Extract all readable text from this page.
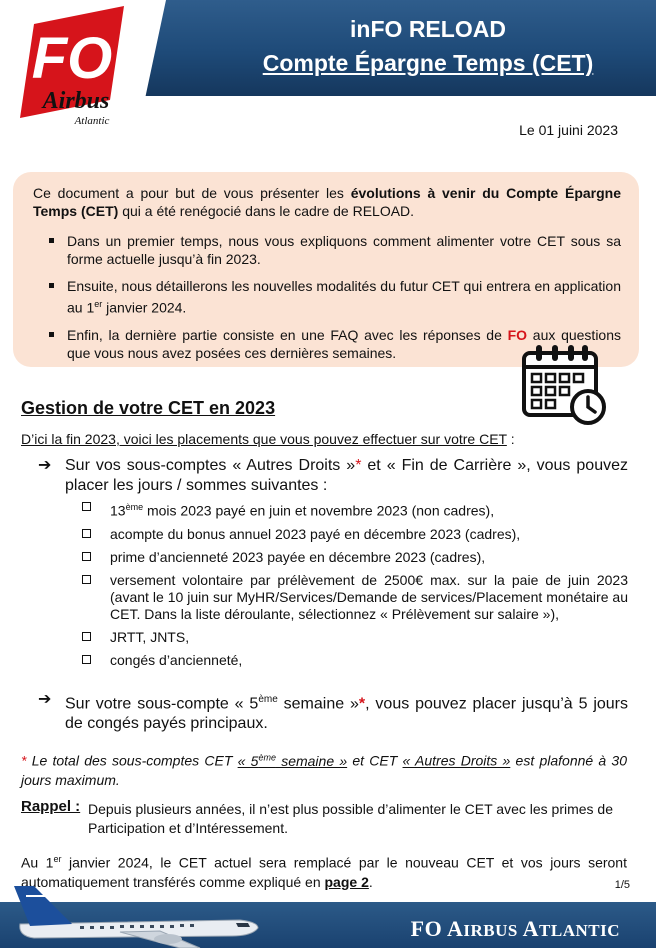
inFO RELOAD
Compte Épargne Temps (CET)
FO
Airbus
Atlantic
Le 01 juini 2023
Ce document a pour but de vous présenter les évolutions à venir du Compte Épargne Temps (CET) qui a été renégocié dans le cadre de RELOAD.
Dans un premier temps, nous vous expliquons comment alimenter votre CET sous sa forme actuelle jusqu’à fin 2023.
Ensuite, nous détaillerons les nouvelles modalités du futur CET qui entrera en application au 1er janvier 2024.
Enfin, la dernière partie consiste en une FAQ avec les réponses de FO aux questions que vous nous avez posées ces dernières semaines.
Gestion de votre CET en 2023
D’ici la fin 2023, voici les placements que vous pouvez effectuer sur votre CET :
➔ Sur vos sous-comptes « Autres Droits »* et « Fin de Carrière », vous pouvez placer les jours / sommes suivantes :
13ème mois 2023 payé en juin et novembre 2023 (non cadres),
acompte du bonus annuel 2023 payé en décembre 2023 (cadres),
prime d’ancienneté 2023 payée en décembre 2023 (cadres),
versement volontaire par prélèvement de 2500€ max. sur la paie de juin 2023 (avant le 10 juin sur MyHR/Services/Demande de services/Placement monétaire au CET. Dans la liste déroulante, sélectionnez « Prélèvement sur salaire »),
JRTT, JNTS,
congés d’ancienneté,
➔ Sur votre sous-compte « 5ème semaine »*, vous pouvez placer jusqu’à 5 jours de congés payés principaux.
* Le total des sous-comptes CET « 5ème semaine » et CET « Autres Droits » est plafonné à 30 jours maximum.
Rappel : Depuis plusieurs années, il n’est plus possible d’alimenter le CET avec les primes de Participation et d’Intéressement.
Au 1er janvier 2024, le CET actuel sera remplacé par le nouveau CET et vos jours seront automatiquement transférés comme expliqué en page 2.	1/5
FO AIRBUS ATLANTIC
